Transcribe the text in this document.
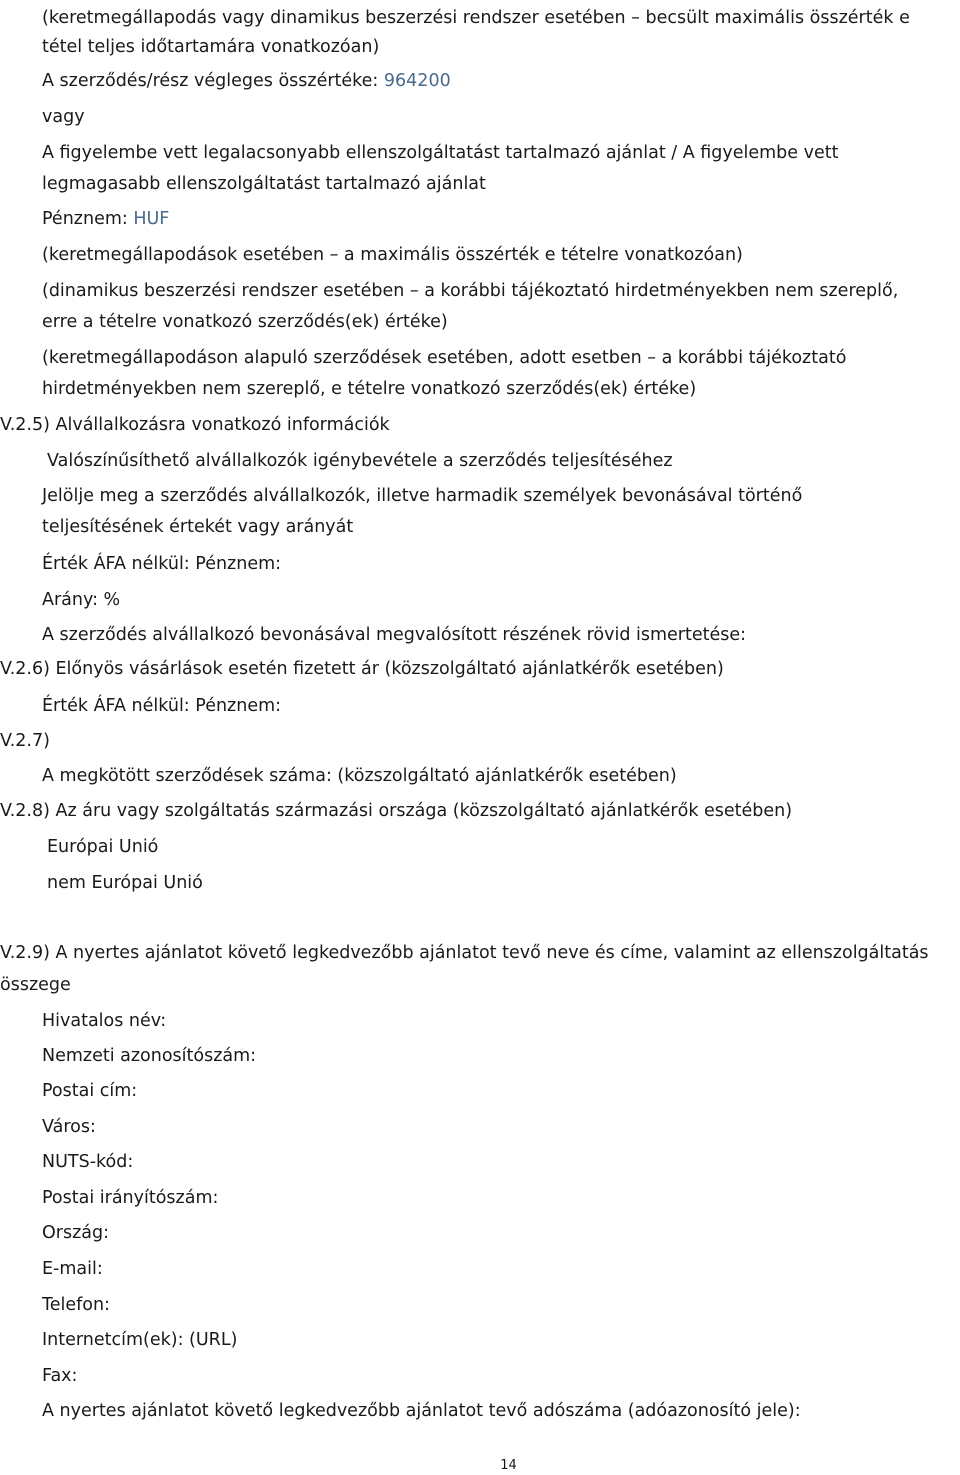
(keretmegállapodás vagy dinamikus beszerzési rendszer esetében – becsült maximális összérték e
tétel teljes időtartamára vonatkozóan)
A szerződés/rész végleges összértéke: 964200
vagy
A figyelembe vett legalacsonyabb ellenszolgáltatást tartalmazó ajánlat / A figyelembe vett
legmagasabb ellenszolgáltatást tartalmazó ajánlat
Pénznem: HUF
(keretmegállapodások esetében – a maximális összérték e tételre vonatkozóan)
(dinamikus beszerzési rendszer esetében – a korábbi tájékoztató hirdetményekben nem szereplő,
erre a tételre vonatkozó szerződés(ek) értéke)
(keretmegállapodáson alapuló szerződések esetében, adott esetben – a korábbi tájékoztató
hirdetményekben nem szereplő, e tételre vonatkozó szerződés(ek) értéke)
V.2.5) Alvállalkozásra vonatkozó információk
Valószínűsíthető alvállalkozók igénybevétele a szerződés teljesítéséhez
Jelölje meg a szerződés alvállalkozók, illetve harmadik személyek bevonásával történő
teljesítésének értekét vagy arányát
Érték ÁFA nélkül: Pénznem:
Arány: %
A szerződés alvállalkozó bevonásával megvalósított részének rövid ismertetése:
V.2.6) Előnyös vásárlások esetén fizetett ár (közszolgáltató ajánlatkérők esetében)
Érték ÁFA nélkül: Pénznem:
V.2.7)
A megkötött szerződések száma: (közszolgáltató ajánlatkérők esetében)
V.2.8) Az áru vagy szolgáltatás származási országa (közszolgáltató ajánlatkérők esetében)
Európai Unió
nem Európai Unió
V.2.9) A nyertes ajánlatot követő legkedvezőbb ajánlatot tevő neve és címe, valamint az ellenszolgáltatás
összege
Hivatalos név:
Nemzeti azonosítószám:
Postai cím:
Város:
NUTS-kód:
Postai irányítószám:
Ország:
E-mail:
Telefon:
Internetcím(ek): (URL)
Fax:
A nyertes ajánlatot követő legkedvezőbb ajánlatot tevő adószáma (adóazonosító jele):
14
